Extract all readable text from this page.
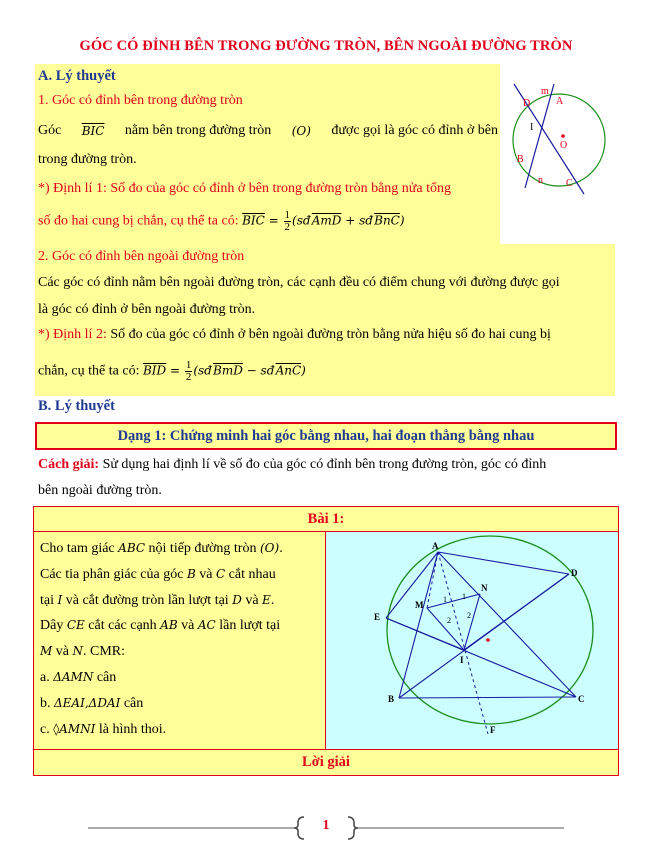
GÓC CÓ ĐỈNH BÊN TRONG ĐƯỜNG TRÒN, BÊN NGOÀI ĐƯỜNG TRÒN
A. Lý thuyết
1. Góc có đỉnh bên trong đường tròn
Góc $\overline{BIC}$ nằm bên trong đường tròn (O) được gọi là góc có đỉnh ở bên
trong đường tròn.
*) Định lí 1: Số đo của góc có đỉnh ở bên trong đường tròn bằng nửa tổng
số đo hai cung bị chắn, cụ thể ta có: $\overline{BIC} = \frac{1}{2}$ (sđ $\overline{AmD}$ + sđ $\overline{BnC}$)
2. Góc có đỉnh bên ngoài đường tròn
Các góc có đỉnh nằm bên ngoài đường tròn, các cạnh đều có điểm chung với đường được gọi
là góc có đỉnh ở bên ngoài đường tròn.
*) Định lí 2: Số đo của góc có đỉnh ở bên ngoài đường tròn bằng nửa hiệu số đo hai cung bị
chắn, cụ thể ta có: $\overline{BID} = \frac{1}{2}$ (sđ $\overline{BmD}$ − sđ $\overline{AnC}$)
m
A
D
I
O
B
n C
B. Lý thuyết
Dạng 1: Chứng minh hai góc bằng nhau, hai đoạn thẳng bằng nhau
Cách giải: Sử dụng hai định lí về số đo của góc có đỉnh bên trong đường tròn, góc có đỉnh
bên ngoài đường tròn.
Bài 1:

Cho tam giác ABC nội tiếp đường tròn (O).

Các tia phân giác của góc B và C cắt nhau

tại I và cắt đường tròn lần lượt tại D và E.

Dây CE cắt các cạnh AB và AC lần lượt tại

M và N. CMR:

a. ΔAMN cân

b. ΔEAI,ΔDAI cân

c. ◊AMNI là hình thoi.

A
D
N
M
E
I
B	C
F
1 1
2
2
Lời giải
1
